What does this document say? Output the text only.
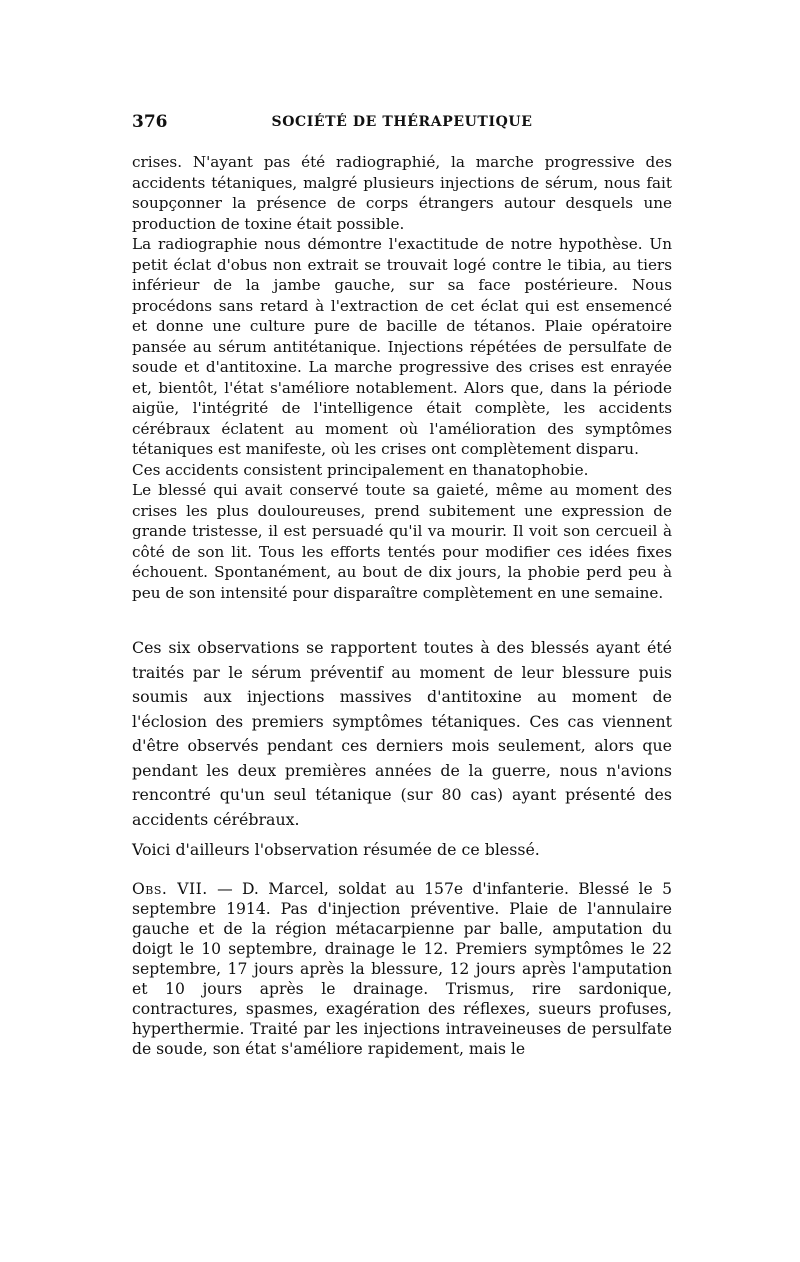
376	SOCIÉTÉ DE THÉRAPEUTIQUE

crises. N'ayant pas été radiographié, la marche progressive des accidents tétaniques, malgré plusieurs injections de sérum, nous fait soupçonner la présence de corps étrangers autour desquels une production de toxine était possible.

La radiographie nous démontre l'exactitude de notre hypothèse. Un petit éclat d'obus non extrait se trouvait logé contre le tibia, au tiers inférieur de la jambe gauche, sur sa face postérieure. Nous procédons sans retard à l'extraction de cet éclat qui est ensemencé et donne une culture pure de bacille de tétanos. Plaie opératoire pansée au sérum antitétanique. Injections répétées de persulfate de soude et d'antitoxine. La marche progressive des crises est enrayée et, bientôt, l'état s'améliore notablement. Alors que, dans la période aigüe, l'intégrité de l'intelligence était complète, les accidents cérébraux éclatent au moment où l'amélioration des symptômes tétaniques est manifeste, où les crises ont complètement disparu.

Ces accidents consistent principalement en thanatophobie.

Le blessé qui avait conservé toute sa gaieté, même au moment des crises les plus douloureuses, prend subitement une expression de grande tristesse, il est persuadé qu'il va mourir. Il voit son cercueil à côté de son lit. Tous les efforts tentés pour modifier ces idées fixes échouent. Spontanément, au bout de dix jours, la phobie perd peu à peu de son intensité pour disparaître complètement en une semaine.

Ces six observations se rapportent toutes à des blessés ayant été traités par le sérum préventif au moment de leur blessure puis soumis aux injections massives d'antitoxine au moment de l'éclosion des premiers symptômes tétaniques. Ces cas viennent d'être observés pendant ces derniers mois seulement, alors que pendant les deux premières années de la guerre, nous n'avions rencontré qu'un seul tétanique (sur 80 cas) ayant présenté des accidents cérébraux.

Voici d'ailleurs l'observation résumée de ce blessé.

Obs. VII. — D. Marcel, soldat au 157e d'infanterie. Blessé le 5 septembre 1914. Pas d'injection préventive. Plaie de l'annulaire gauche et de la région métacarpienne par balle, amputation du doigt le 10 septembre, drainage le 12. Premiers symptômes le 22 septembre, 17 jours après la blessure, 12 jours après l'amputation et 10 jours après le drainage. Trismus, rire sardonique, contractures, spasmes, exagération des réflexes, sueurs profuses, hyperthermie. Traité par les injections intraveineuses de persulfate de soude, son état s'améliore rapidement, mais le
